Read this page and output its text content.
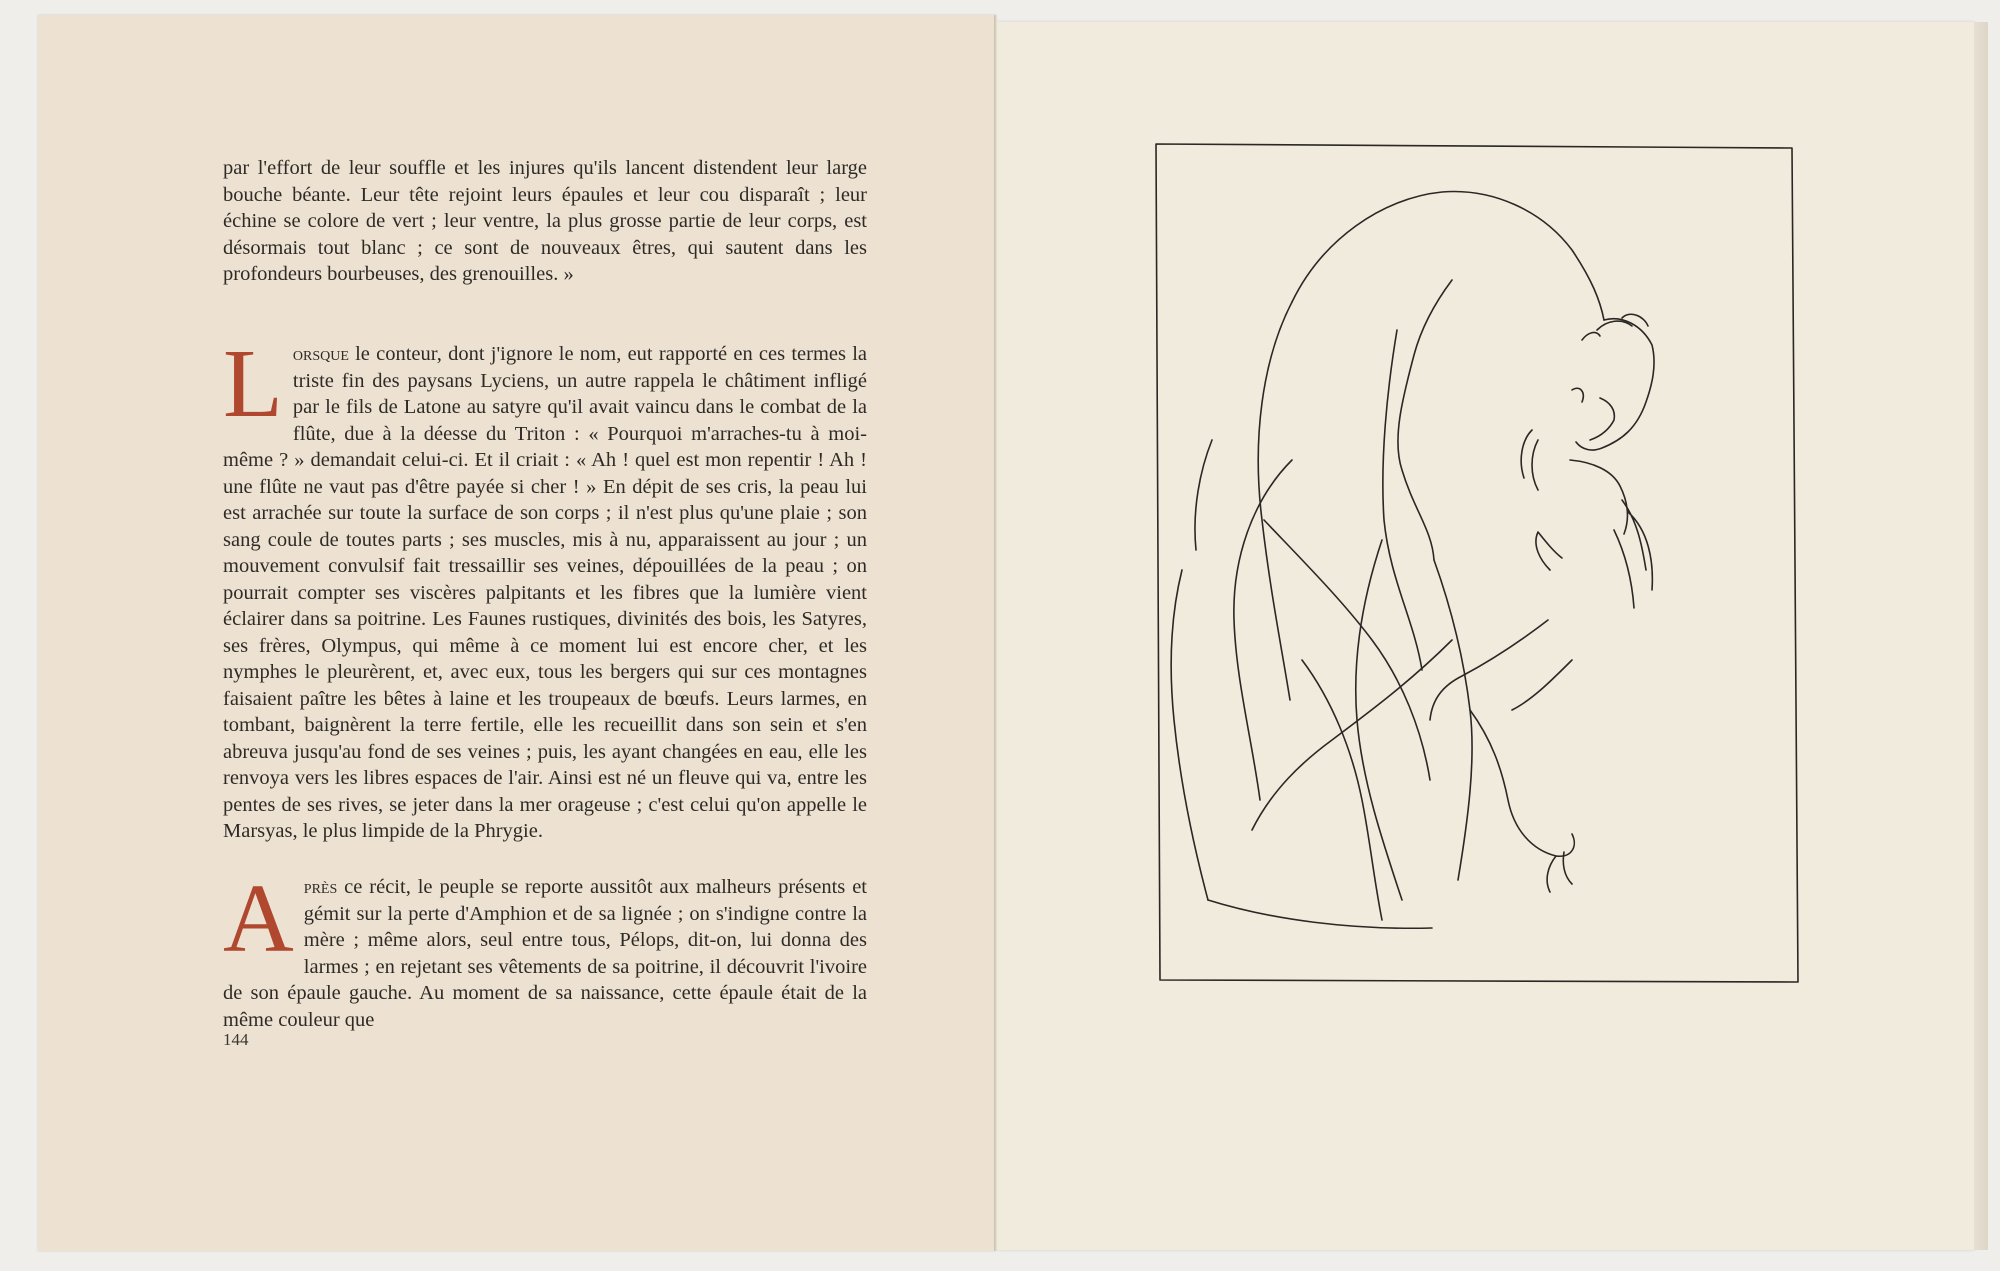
par l'effort de leur souffle et les injures qu'ils lancent distendent leur large bouche béante. Leur tête rejoint leurs épaules et leur cou disparaît ; leur échine se colore de vert ; leur ventre, la plus grosse partie de leur corps, est désormais tout blanc ; ce sont de nouveaux êtres, qui sautent dans les profondeurs bourbeuses, des grenouilles. »

Lorsque le conteur, dont j'ignore le nom, eut rapporté en ces termes la triste fin des paysans Lyciens, un autre rappela le châtiment infligé par le fils de Latone au satyre qu'il avait vaincu dans le combat de la flûte, due à la déesse du Triton : « Pourquoi m'arraches-tu à moi-même ? » demandait celui-ci. Et il criait : « Ah ! quel est mon repentir ! Ah ! une flûte ne vaut pas d'être payée si cher ! » En dépit de ses cris, la peau lui est arrachée sur toute la surface de son corps ; il n'est plus qu'une plaie ; son sang coule de toutes parts ; ses muscles, mis à nu, apparaissent au jour ; un mouvement convulsif fait tressaillir ses veines, dépouillées de la peau ; on pourrait compter ses viscères palpitants et les fibres que la lumière vient éclairer dans sa poitrine. Les Faunes rustiques, divinités des bois, les Satyres, ses frères, Olympus, qui même à ce moment lui est encore cher, et les nymphes le pleurèrent, et, avec eux, tous les bergers qui sur ces montagnes faisaient paître les bêtes à laine et les troupeaux de bœufs. Leurs larmes, en tombant, baignèrent la terre fertile, elle les recueillit dans son sein et s'en abreuva jusqu'au fond de ses veines ; puis, les ayant changées en eau, elle les renvoya vers les libres espaces de l'air. Ainsi est né un fleuve qui va, entre les pentes de ses rives, se jeter dans la mer orageuse ; c'est celui qu'on appelle le Marsyas, le plus limpide de la Phrygie.

Après ce récit, le peuple se reporte aussitôt aux malheurs présents et gémit sur la perte d'Amphion et de sa lignée ; on s'indigne contre la mère ; même alors, seul entre tous, Pélops, dit-on, lui donna des larmes ; en rejetant ses vêtements de sa poitrine, il découvrit l'ivoire de son épaule gauche. Au moment de sa naissance, cette épaule était de la même couleur que

144
